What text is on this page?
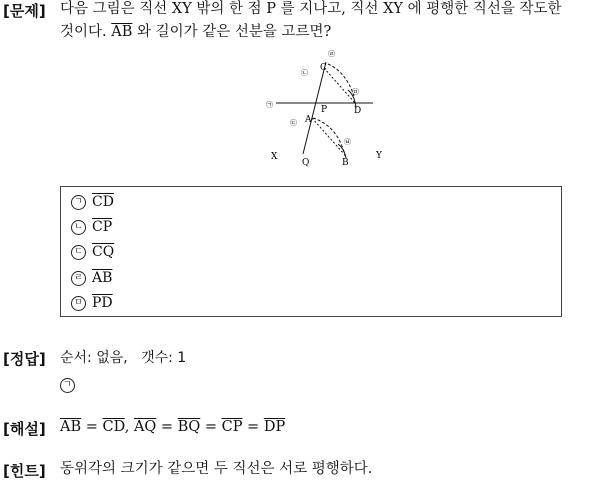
[문제] 다음 그림은 직선 XY 밖의 한 점 P 를 지나고, 직선 XY 에 평행한 직선을 작도한
것이다. $\overline{AB}$ 와 길이가 같은 선분을 고르면?
C
P	D
A
Q	B
X	Y
㉣
㉡
㉤
㉠
㉢
㉥
ㄱ $\overline{CD}$
ㄴ $\overline{CP}$
ㄷ $\overline{CQ}$
ㄹ $\overline{AB}$
ㅁ $\overline{PD}$
[정답] 순서: 없음,   갯수: 1
ㄱ
[해설] $\overline{AB} = \overline{CD}$, $\overline{AQ} = \overline{BQ} = \overline{CP} = \overline{DP}$
[힌트] 동위각의 크기가 같으면 두 직선은 서로 평행하다.
